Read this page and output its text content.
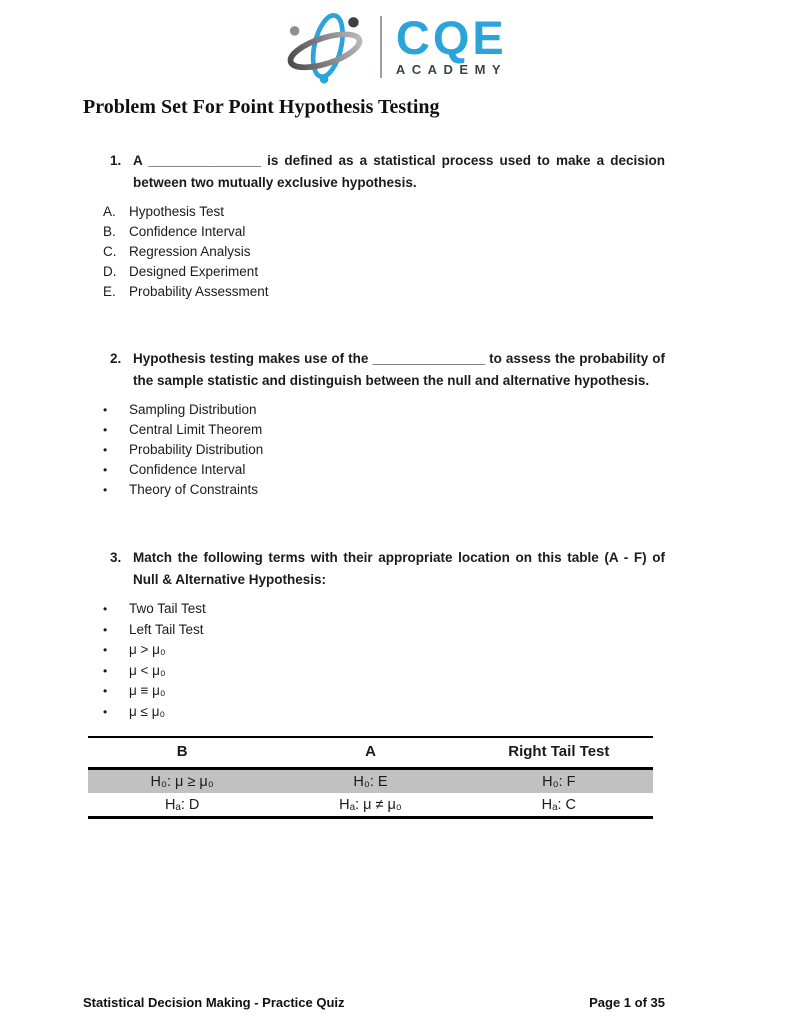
CQE
ACADEMY
Problem Set For Point Hypothesis Testing
1. A _______________ is defined as a statistical process used to make a decision between two mutually exclusive hypothesis.

A. Hypothesis Test
B. Confidence Interval
C. Regression Analysis
D. Designed Experiment
E. Probability Assessment
2. Hypothesis testing makes use of the _______________ to assess the probability of the sample statistic and distinguish between the null and alternative hypothesis.

•	Sampling Distribution
•	Central Limit Theorem
•	Probability Distribution
•	Confidence Interval
•	Theory of Constraints
3. Match the following terms with their appropriate location on this table (A - F) of Null & Alternative Hypothesis:

•	Two Tail Test
•	Left Tail Test
•	μ > μ₀
•	μ < μ₀
•	μ ≡ μ₀
•	μ ≤ μ₀
B	A	Right Tail Test
H₀: μ ≥ μ₀	H₀: E	H₀: F
Hₐ: D	Hₐ: μ ≠ μ₀	Hₐ: C
Statistical Decision Making - Practice Quiz	Page 1 of 35
